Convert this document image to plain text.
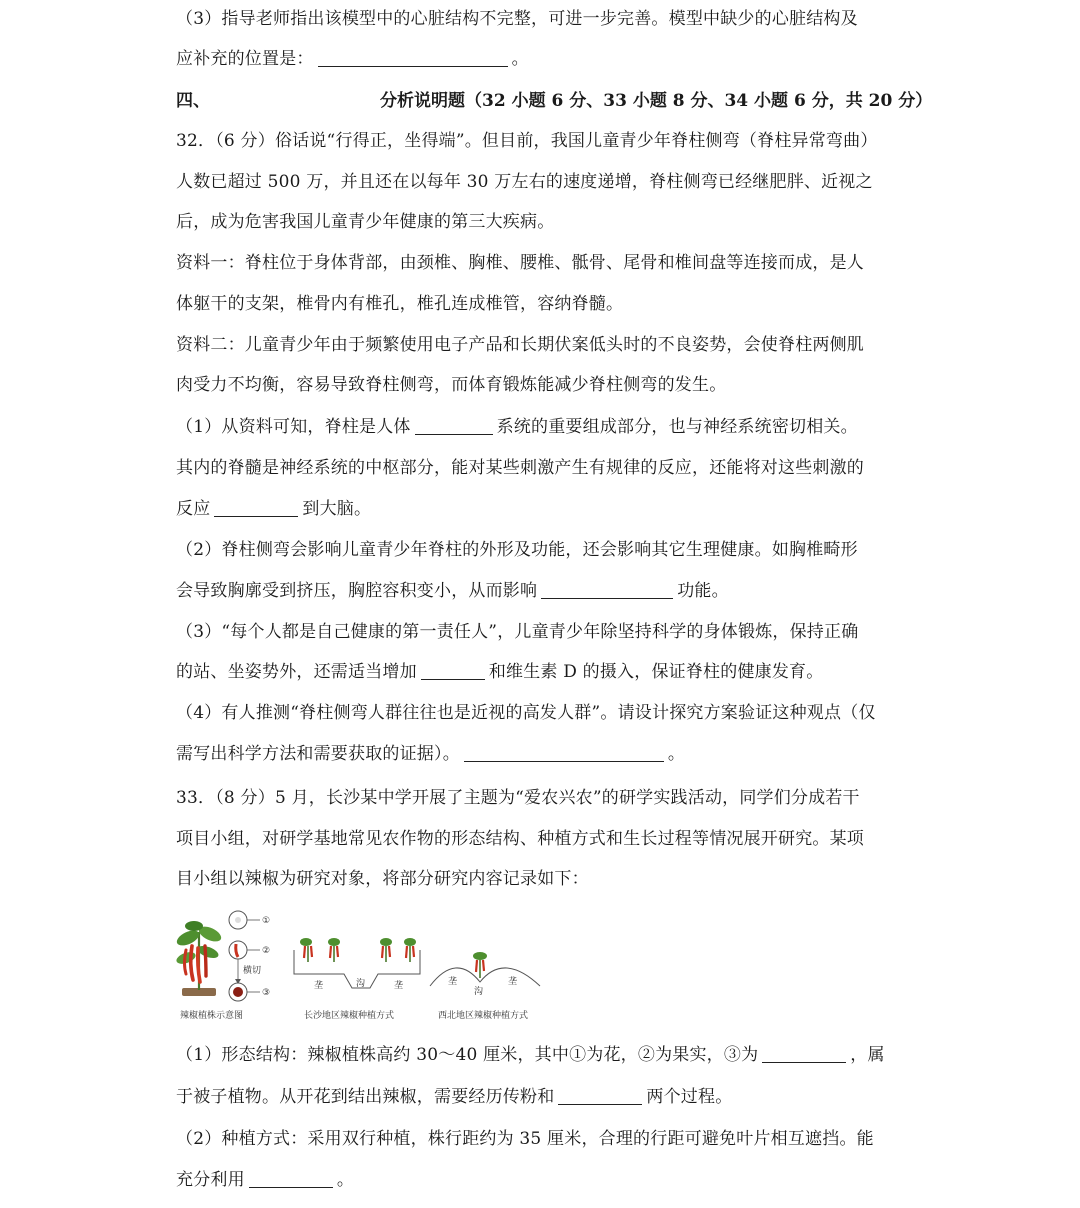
（3）指导老师指出该模型中的心脏结构不完整，可进一步完善。模型中缺少的心脏结构及
应补充的位置是：	。
四、	分析说明题（32 小题 6 分、33 小题 8 分、34 小题 6 分，共 20 分）
32．（6 分）俗话说“行得正，坐得端”。但目前，我国儿童青少年脊柱侧弯（脊柱异常弯曲）
人数已超过 500 万，并且还在以每年 30 万左右的速度递增，脊柱侧弯已经继肥胖、近视之
后，成为危害我国儿童青少年健康的第三大疾病。
资料一：脊柱位于身体背部，由颈椎、胸椎、腰椎、骶骨、尾骨和椎间盘等连接而成，是人
体躯干的支架，椎骨内有椎孔，椎孔连成椎管，容纳脊髓。
资料二：儿童青少年由于频繁使用电子产品和长期伏案低头时的不良姿势，会使脊柱两侧肌
肉受力不均衡，容易导致脊柱侧弯，而体育锻炼能减少脊柱侧弯的发生。
（1）从资料可知，脊柱是人体	系统的重要组成部分，也与神经系统密切相关。
其内的脊髓是神经系统的中枢部分，能对某些刺激产生有规律的反应，还能将对这些刺激的
反应	到大脑。
（2）脊柱侧弯会影响儿童青少年脊柱的外形及功能，还会影响其它生理健康。如胸椎畸形
会导致胸廓受到挤压，胸腔容积变小，从而影响	功能。
（3）“每个人都是自己健康的第一责任人”，儿童青少年除坚持科学的身体锻炼，保持正确
的站、坐姿势外，还需适当增加	和维生素 D 的摄入，保证脊柱的健康发育。
（4）有人推测“脊柱侧弯人群往往也是近视的高发人群”。请设计探究方案验证这种观点（仅
需写出科学方法和需要获取的证据）。	。
33．（8 分）5 月，长沙某中学开展了主题为“爱农兴农”的研学实践活动，同学们分成若干
项目小组，对研学基地常见农作物的形态结构、种植方式和生长过程等情况展开研究。某项
目小组以辣椒为研究对象，将部分研究内容记录如下：
①
②
横切
③
辣椒植株示意图
垄	沟	垄
长沙地区辣椒种植方式
垄
沟
垄
西北地区辣椒种植方式
（1）形态结构：辣椒植株高约 30～40 厘米，其中①为花，②为果实，③为	，属
于被子植物。从开花到结出辣椒，需要经历传粉和	两个过程。
（2）种植方式：采用双行种植，株行距约为 35 厘米，合理的行距可避免叶片相互遮挡。能
充分利用	。
